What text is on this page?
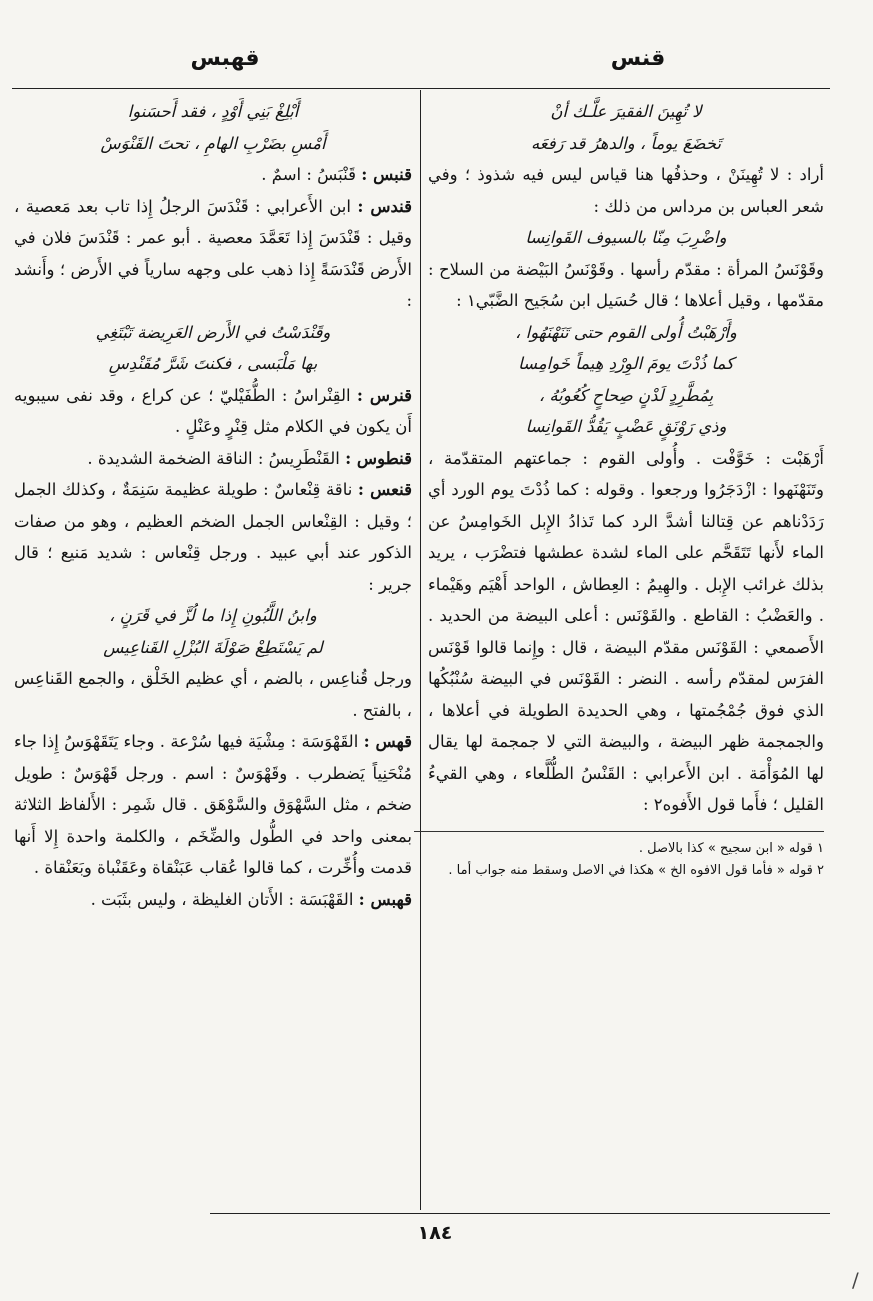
قنس
قهبس

لا تُهِينَ الفقيرَ علَّـك أنْ

تَخضَعَ يوماً ، والدهرُ قد رَفعَه

أراد : لا تُهِينَنْ ، وحذفُها هنا قياس ليس فيه شذوذ ؛ وفي شعر العباس بن مرداس من ذلك :

واضْرِبَ مِنّا بالسيوف القَوانِسا

وقَوْنَسُ المرأة : مقدّم رأسها . وقَوْنَسُ البَيْضة من السلاح : مقدّمها ، وقيل أعلاها ؛ قال حُسَيل ابن سُجَيح الضَّبّي١ :

وأَرْهَبْتُ أُولى القوم حتى تَنَهْنَهُوا ،

كما ذُدْتَ يومَ الوِرْدِ هِيماً خَوامِسا

بِمُطَّرِدٍ لَدْنٍ صِحاحٍ كُعُوبُهُ ،

وذي رَوْنَقٍ عَضْبٍ يَقُدُّ القَوانِسا

أَرْهَبْت : خَوَّفْت . وأُولى القوم : جماعتهم المتقدّمة ، وتَنَهْنَهوا : ازْدَجَرُوا ورجعوا . وقوله : كما ذُدْتَ يوم الورد أي رَدَدْناهم عن قِتالنا أشدَّ الرد كما تَذادُ الإِبل الخَوامِسُ عن الماء لأَنها تَتَقَحَّم على الماء لشدة عطشها فتضْرَب ، يريد بذلك غرائب الإِبل . والهِيمُ : العِطاش ، الواحد أَهْيَم وهَيْماء . والعَضْبُ : القاطع . والقَوْنَس : أعلى البيضة من الحديد . الأَصمعي : القَوْنَس مقدّم البيضة ، قال : وإِنما قالوا قَوْنَس الفرَس لمقدّم رأسه . النضر : القَوْنَس في البيضة سُنْبُكُها الذي فوق جُمْجُمتها ، وهي الحديدة الطويلة في أعلاها ، والجمجمة ظهر البيضة ، والبيضة التي لا جمجمة لها يقال لها المُوَأْمَة . ابن الأَعرابي : القَنْسُ الطُّلَّعاء ، وهي القيءُ القليل ؛ فأَما قول الأَفوه٢ :

١ قوله « ابن سجيح » كذا بالاصل .
٢ قوله « فأما قول الافوه الخ » هكذا في الاصل وسقط منه جواب أما .

أَبْلِغْ بَنِي أَوْدٍ ، فقد أَحسَنوا

أَمْسِ بضَرْبِ الهامِ ، تحتَ القَنْوَسْ

قنبس : قَنْبَسُ : اسمٌ .

قندس : ابن الأَعرابي : قَنْدَسَ الرجلُ إِذا تاب بعد مَعصية ، وقيل : قَنْدَسَ إِذا تَعَمَّدَ معصية . أبو عمر : قَنْدَسَ فلان في الأَرض قَنْدَسَةً إِذا ذهب على وجهه سارياً في الأَرض ؛ وأَنشد :

وقَنْدَسْتُ في الأَرض العَرِيضة تَبْتَغِي

بها مَلْبَسى ، فكنتَ شَرَّ مُقَنْدِسِ

قنرس : القِنْراسُ : الطُّفَيْليّ ؛ عن كراع ، وقد نفى سيبويه أَن يكون في الكلام مثل قِنْرٍ وعَنْلٍ .

قنطوس : القَنْطَرِيسُ : الناقة الضخمة الشديدة .

قنعس : ناقة قِنْعاسٌ : طويلة عظيمة سَنِمَةٌ ، وكذلك الجمل ؛ وقيل : القِنْعاس الجمل الضخم العظيم ، وهو من صفات الذكور عند أبي عبيد . ورجل قِنْعاس : شديد مَنيع ؛ قال جرير :

وابنُ اللَّبُونِ إِذا ما لُزَّ في قَرَنٍ ،

لم يَسْتَطِعْ صَوْلَةَ البُزْلِ القَناعِيس

ورجل قُناعِس ، بالضم ، أي عظيم الخَلْق ، والجمع القَناعِس ، بالفتح .

قهس : القَهْوَسَة : مِشْيَة فيها سُرْعة . وجاء يَتَقَهْوَسُ إِذا جاء مُنْحَنِياً يَضطرب . وقَهْوَسٌ : اسم . ورجل قَهْوَسٌ : طويل ضخم ، مثل السَّهْوَق والسَّوْهَق . قال شَمِر : الأَلفاظ الثلاثة بمعنى واحد في الطُّول والضِّخَم ، والكلمة واحدة إِلا أَنها قدمت وأُخِّرت ، كما قالوا عُقاب عَبَنْقاة وعَقَنْباة وبَعَنْقاة .

قهبس : القَهْبَسَة : الأَتان الغليظة ، وليس بثَبَت .

١٨٤
/
